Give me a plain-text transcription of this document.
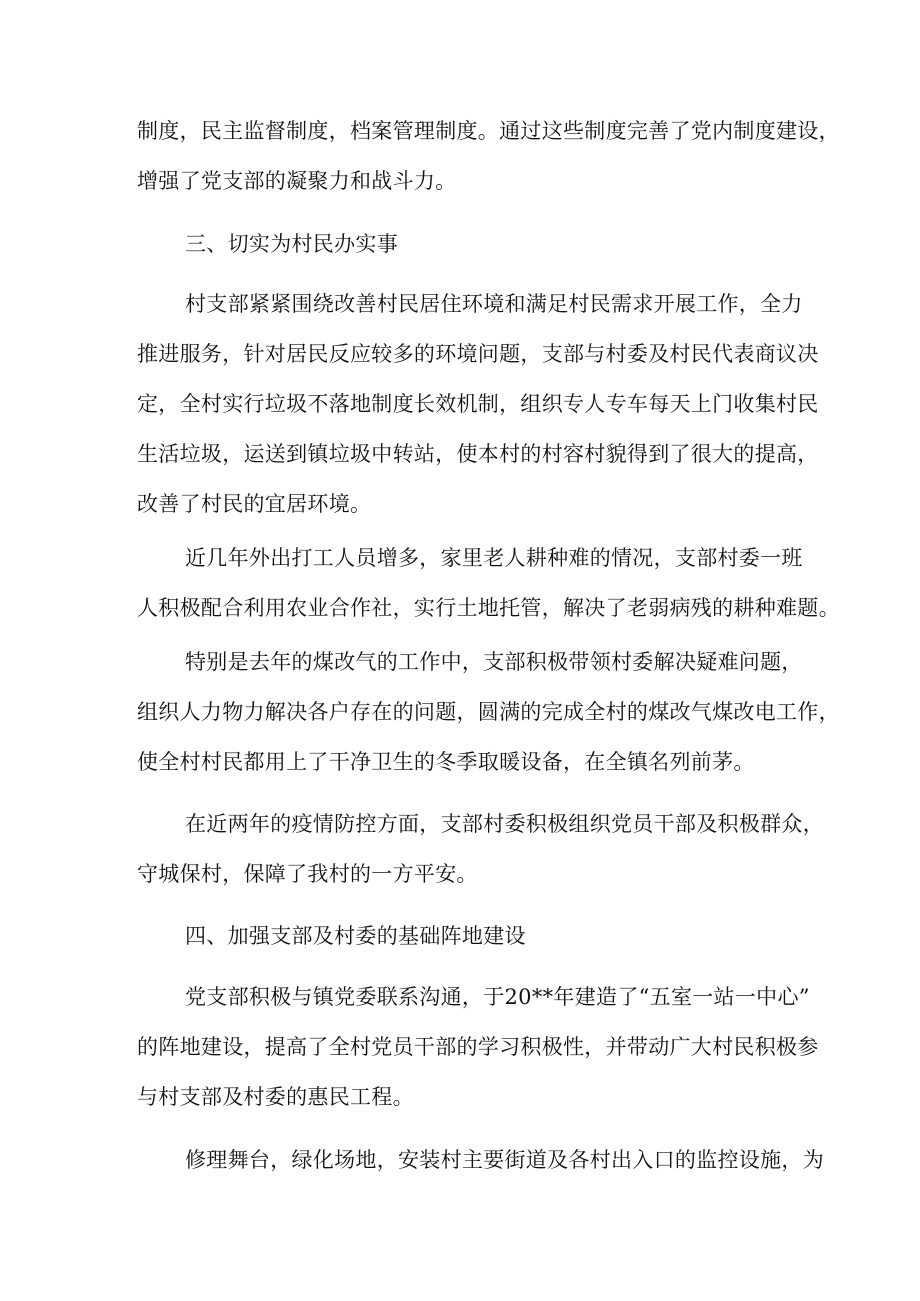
制度，民主监督制度，档案管理制度。通过这些制度完善了党内制度建设，
增强了党支部的凝聚力和战斗力。
三、切实为村民办实事
村支部紧紧围绕改善村民居住环境和满足村民需求开展工作，全力
推进服务，针对居民反应较多的环境问题，支部与村委及村民代表商议决
定，全村实行垃圾不落地制度长效机制，组织专人专车每天上门收集村民
生活垃圾，运送到镇垃圾中转站，使本村的村容村貌得到了很大的提高，
改善了村民的宜居环境。
近几年外出打工人员增多，家里老人耕种难的情况，支部村委一班
人积极配合利用农业合作社，实行土地托管，解决了老弱病残的耕种难题。
特别是去年的煤改气的工作中，支部积极带领村委解决疑难问题，
组织人力物力解决各户存在的问题，圆满的完成全村的煤改气煤改电工作，
使全村村民都用上了干净卫生的冬季取暖设备，在全镇名列前茅。
在近两年的疫情防控方面，支部村委积极组织党员干部及积极群众，
守城保村，保障了我村的一方平安。
四、加强支部及村委的基础阵地建设
党支部积极与镇党委联系沟通，于20**年建造了“五室一站一中心”
的阵地建设，提高了全村党员干部的学习积极性，并带动广大村民积极参
与村支部及村委的惠民工程。
修理舞台，绿化场地，安装村主要街道及各村出入口的监控设施，为
